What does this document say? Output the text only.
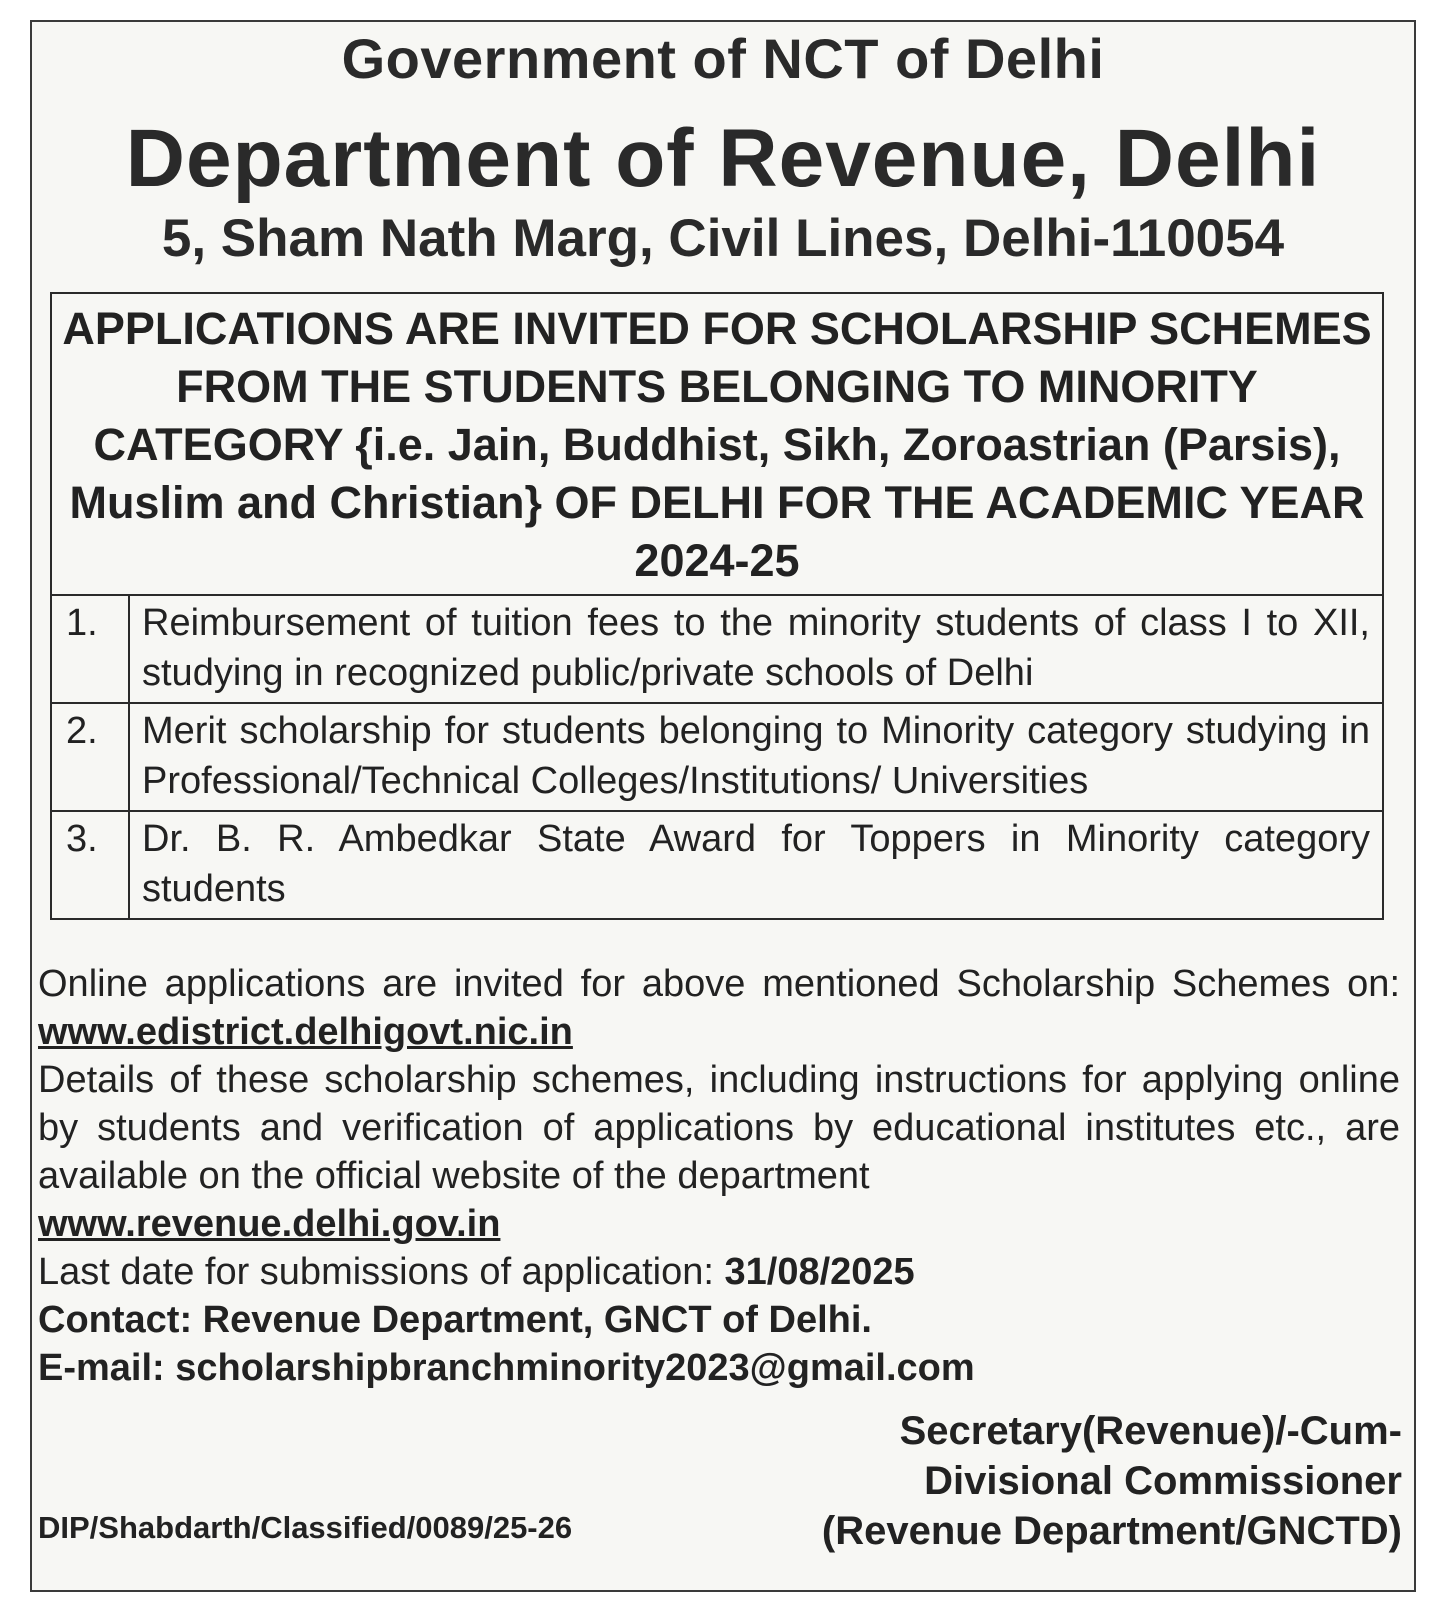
Government of NCT of Delhi
Department of Revenue, Delhi
5, Sham Nath Marg, Civil Lines, Delhi-110054
APPLICATIONS ARE INVITED FOR SCHOLARSHIP SCHEMES FROM THE STUDENTS BELONGING TO MINORITY CATEGORY {i.e. Jain, Buddhist, Sikh, Zoroastrian (Parsis), Muslim and Christian} OF DELHI FOR THE ACADEMIC YEAR 2024-25
1.	Reimbursement of tuition fees to the minority students of class I to XII, studying in recognized public/private schools of Delhi
2.	Merit scholarship for students belonging to Minority category studying in Professional/Technical Colleges/Institutions/ Universities
3.	Dr. B. R. Ambedkar State Award for Toppers in Minority category students

Online applications are invited for above mentioned Scholarship Schemes on: www.edistrict.delhigovt.nic.in

Details of these scholarship schemes, including instructions for applying online by students and verification of applications by educational institutes etc., are available on the official website of the department
www.revenue.delhi.gov.in

Last date for submissions of application: 31/08/2025

Contact: Revenue Department, GNCT of Delhi.

E-mail: scholarshipbranchminority2023@gmail.com

Secretary(Revenue)/-Cum-
Divisional Commissioner
(Revenue Department/GNCTD)
DIP/Shabdarth/Classified/0089/25-26
